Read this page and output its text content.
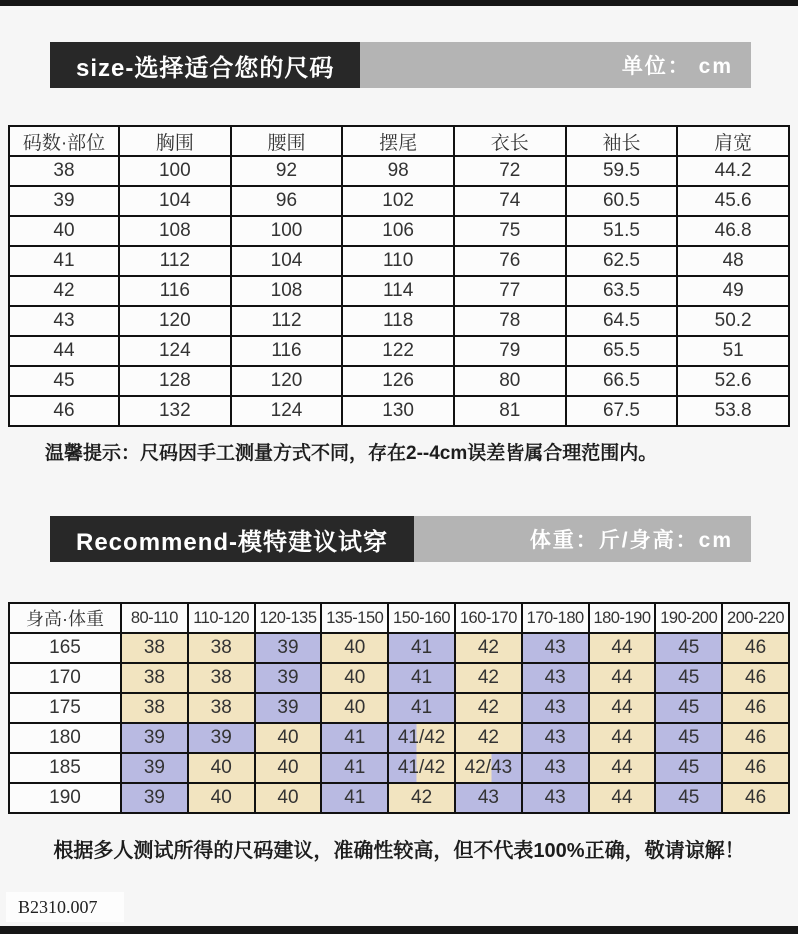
size-选择适合您的尺码	单位： cm
码数·部位	胸围	腰围	摆尾	衣长	袖长	肩宽
38	100	92	98	72	59.5	44.2
39	104	96	102	74	60.5	45.6
40	108	100	106	75	51.5	46.8
41	112	104	110	76	62.5	48
42	116	108	114	77	63.5	49
43	120	112	118	78	64.5	50.2
44	124	116	122	79	65.5	51
45	128	120	126	80	66.5	52.6
46	132	124	130	81	67.5	53.8
温馨提示：尺码因手工测量方式不同，存在2--4cm误差皆属合理范围内。
Recommend-模特建议试穿	体重：斤/身高：cm
身高·体重	80-110	110-120	120-135	135-150	150-160	160-170	170-180	180-190	190-200	200-220
165	38	38	39	40	41	42	43	44	45	46
170	38	38	39	40	41	42	43	44	45	46
175	38	38	39	40	41	42	43	44	45	46
180	39	39	40	41	41/42	42	43	44	45	46
185	39	40	40	41	41/42	42/43	43	44	45	46
190	39	40	40	41	42	43	43	44	45	46
根据多人测试所得的尺码建议，准确性较高，但不代表100%正确，敬请谅解！
B2310.007
